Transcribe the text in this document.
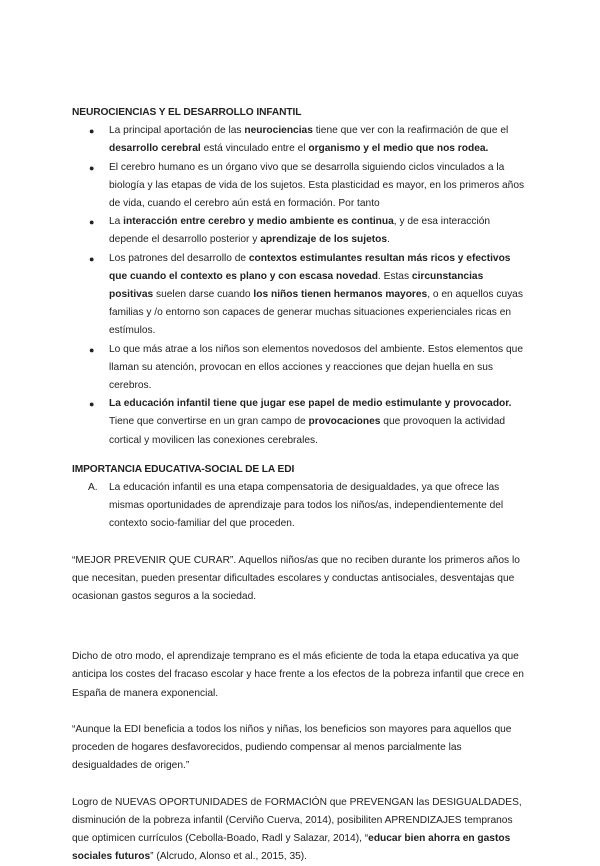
NEUROCIENCIAS Y EL DESARROLLO INFANTIL
● La principal aportación de las neurociencias tiene que ver con la reafirmación de que el desarrollo cerebral está vinculado entre el organismo y el medio que nos rodea.
● El cerebro humano es un órgano vivo que se desarrolla siguiendo ciclos vinculados a la biología y las etapas de vida de los sujetos. Esta plasticidad es mayor, en los primeros años de vida, cuando el cerebro aún está en formación. Por tanto
● La interacción entre cerebro y medio ambiente es continua, y de esa interacción depende el desarrollo posterior y aprendizaje de los sujetos.
● Los patrones del desarrollo de contextos estimulantes resultan más ricos y efectivos que cuando el contexto es plano y con escasa novedad. Estas circunstancias positivas suelen darse cuando los niños tienen hermanos mayores, o en aquellos cuyas familias y /o entorno son capaces de generar muchas situaciones experienciales ricas en estímulos.
● Lo que más atrae a los niños son elementos novedosos del ambiente. Estos elementos que llaman su atención, provocan en ellos acciones y reacciones que dejan huella en sus cerebros.
● La educación infantil tiene que jugar ese papel de medio estimulante y provocador. Tiene que convertirse en un gran campo de provocaciones que provoquen la actividad cortical y movilicen las conexiones cerebrales.
IMPORTANCIA EDUCATIVA-SOCIAL DE LA EDI
A. La educación infantil es una etapa compensatoria de desigualdades, ya que ofrece las mismas oportunidades de aprendizaje para todos los niños/as, independientemente del contexto socio-familiar del que proceden.

“MEJOR PREVENIR QUE CURAR”. Aquellos niños/as que no reciben durante los primeros años lo que necesitan, pueden presentar dificultades escolares y conductas antisociales, desventajas que ocasionan gastos seguros a la sociedad.

Dicho de otro modo, el aprendizaje temprano es el más eficiente de toda la etapa educativa ya que anticipa los costes del fracaso escolar y hace frente a los efectos de la pobreza infantil que crece en España de manera exponencial.

“Aunque la EDI beneficia a todos los niños y niñas, los beneficios son mayores para aquellos que proceden de hogares desfavorecidos, pudiendo compensar al menos parcialmente las desigualdades de origen.”

Logro de NUEVAS OPORTUNIDADES de FORMACIÓN que PREVENGAN las DESIGUALDADES, disminución de la pobreza infantil (Cerviño Cuerva, 2014), posibiliten APRENDIZAJES tempranos que optimicen currículos (Cebolla-Boado, Radl y Salazar, 2014), “educar bien ahorra en gastos sociales futuros” (Alcrudo, Alonso et al., 2015, 35).
